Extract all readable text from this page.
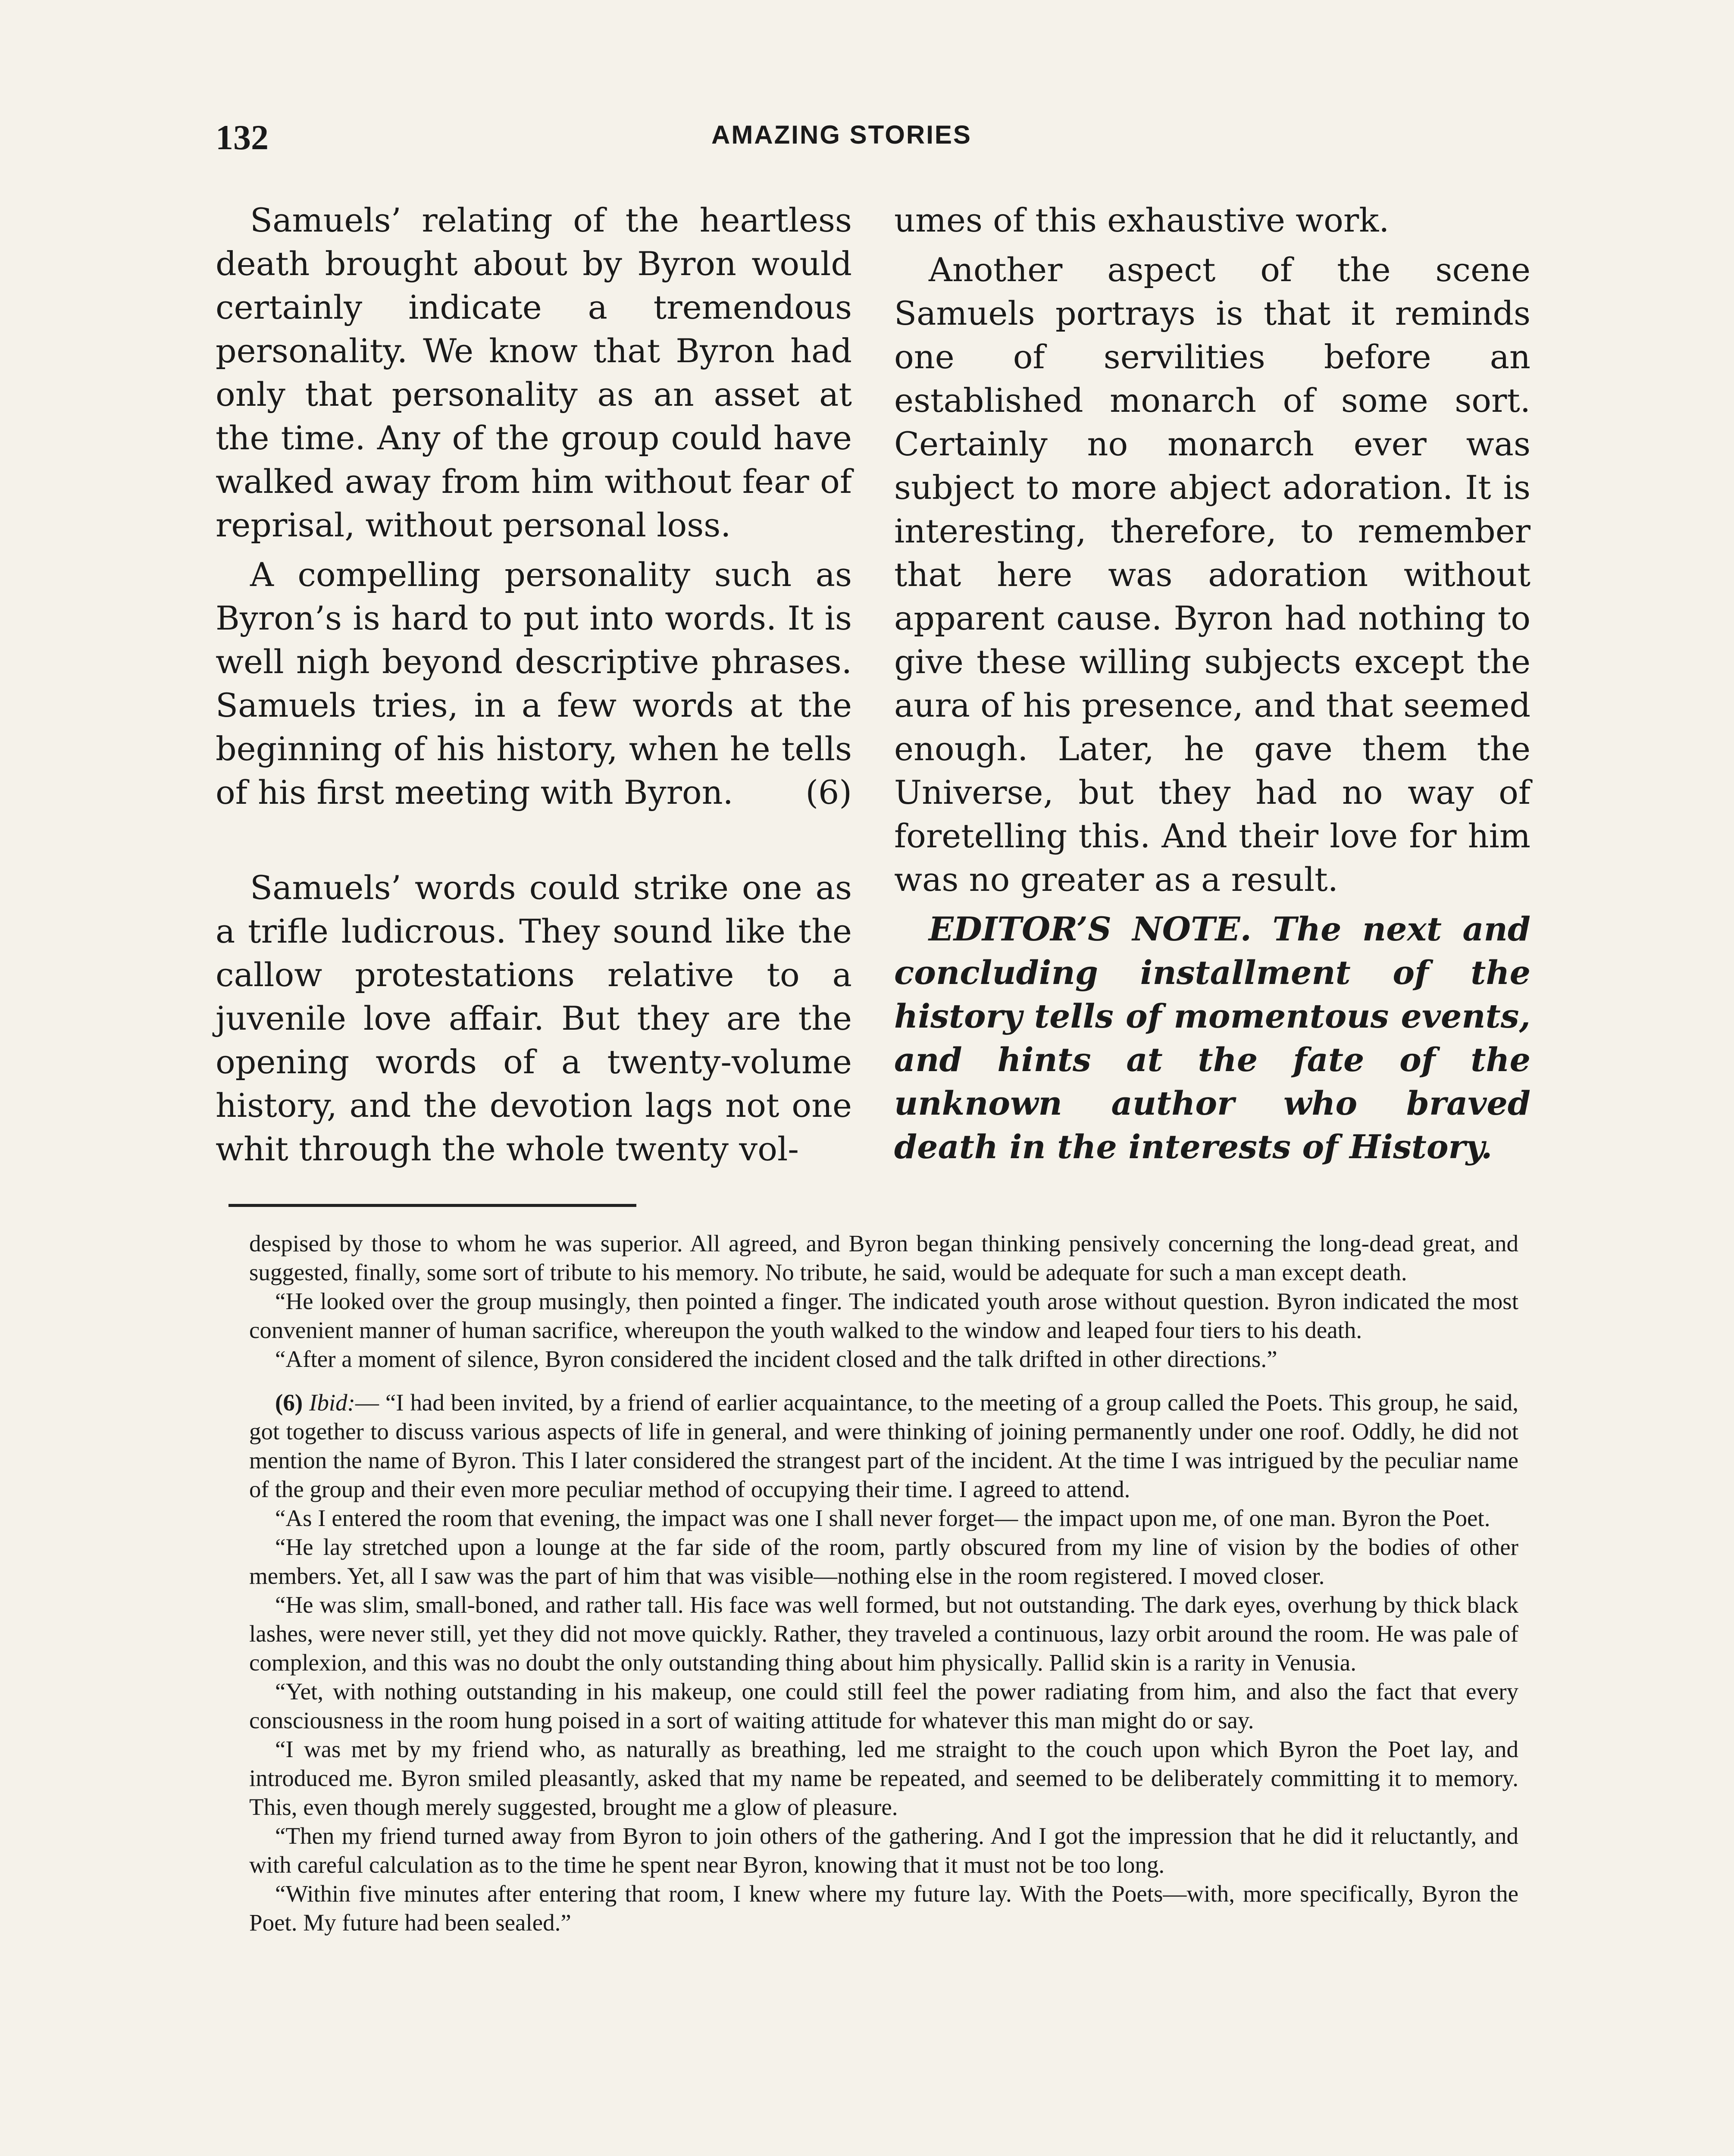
132	AMAZING STORIES

Samuels’ relating of the heartless death brought about by Byron would certainly indicate a tremendous personality. We know that Byron had only that personality as an asset at the time. Any of the group could have walked away from him without fear of reprisal, without personal loss.

A compelling personality such as Byron’s is hard to put into words. It is well nigh beyond descriptive phrases. Samuels tries, in a few words at the beginning of his history, when he tells of his first meeting with Byron.	(6)

Samuels’ words could strike one as a trifle ludicrous. They sound like the callow protestations relative to a juvenile love affair. But they are the opening words of a twenty-volume history, and the devotion lags not one whit through the whole twenty vol-

umes of this exhaustive work.

Another aspect of the scene Samuels portrays is that it reminds one of servilities before an established monarch of some sort. Certainly no monarch ever was subject to more abject adoration. It is interesting, therefore, to remember that here was adoration without apparent cause. Byron had nothing to give these willing subjects except the aura of his presence, and that seemed enough. Later, he gave them the Universe, but they had no way of foretelling this. And their love for him was no greater as a result.

EDITOR’S NOTE. The next and concluding installment of the history tells of momentous events, and hints at the fate of the unknown author who braved death in the interests of History.

despised by those to whom he was superior. All agreed, and Byron began thinking pensively concerning the long-dead great, and suggested, finally, some sort of tribute to his memory. No tribute, he said, would be adequate for such a man except death.

“He looked over the group musingly, then pointed a finger. The indicated youth arose without question. Byron indicated the most convenient manner of human sacrifice, whereupon the youth walked to the window and leaped four tiers to his death.

“After a moment of silence, Byron considered the incident closed and the talk drifted in other directions.”

(6) Ibid:— “I had been invited, by a friend of earlier acquaintance, to the meeting of a group called the Poets. This group, he said, got together to discuss various aspects of life in general, and were thinking of joining permanently under one roof. Oddly, he did not mention the name of Byron. This I later considered the strangest part of the incident. At the time I was intrigued by the peculiar name of the group and their even more peculiar method of occupying their time. I agreed to attend.

“As I entered the room that evening, the impact was one I shall never forget— the impact upon me, of one man. Byron the Poet.

“He lay stretched upon a lounge at the far side of the room, partly obscured from my line of vision by the bodies of other members. Yet, all I saw was the part of him that was visible—nothing else in the room registered. I moved closer.

“He was slim, small-boned, and rather tall. His face was well formed, but not outstanding. The dark eyes, overhung by thick black lashes, were never still, yet they did not move quickly. Rather, they traveled a continuous, lazy orbit around the room. He was pale of complexion, and this was no doubt the only outstanding thing about him physically. Pallid skin is a rarity in Venusia.

“Yet, with nothing outstanding in his makeup, one could still feel the power radiating from him, and also the fact that every consciousness in the room hung poised in a sort of waiting attitude for whatever this man might do or say.

“I was met by my friend who, as naturally as breathing, led me straight to the couch upon which Byron the Poet lay, and introduced me. Byron smiled pleasantly, asked that my name be repeated, and seemed to be deliberately committing it to memory. This, even though merely suggested, brought me a glow of pleasure.

“Then my friend turned away from Byron to join others of the gathering. And I got the impression that he did it reluctantly, and with careful calculation as to the time he spent near Byron, knowing that it must not be too long.

“Within five minutes after entering that room, I knew where my future lay. With the Poets—with, more specifically, Byron the Poet. My future had been sealed.”
